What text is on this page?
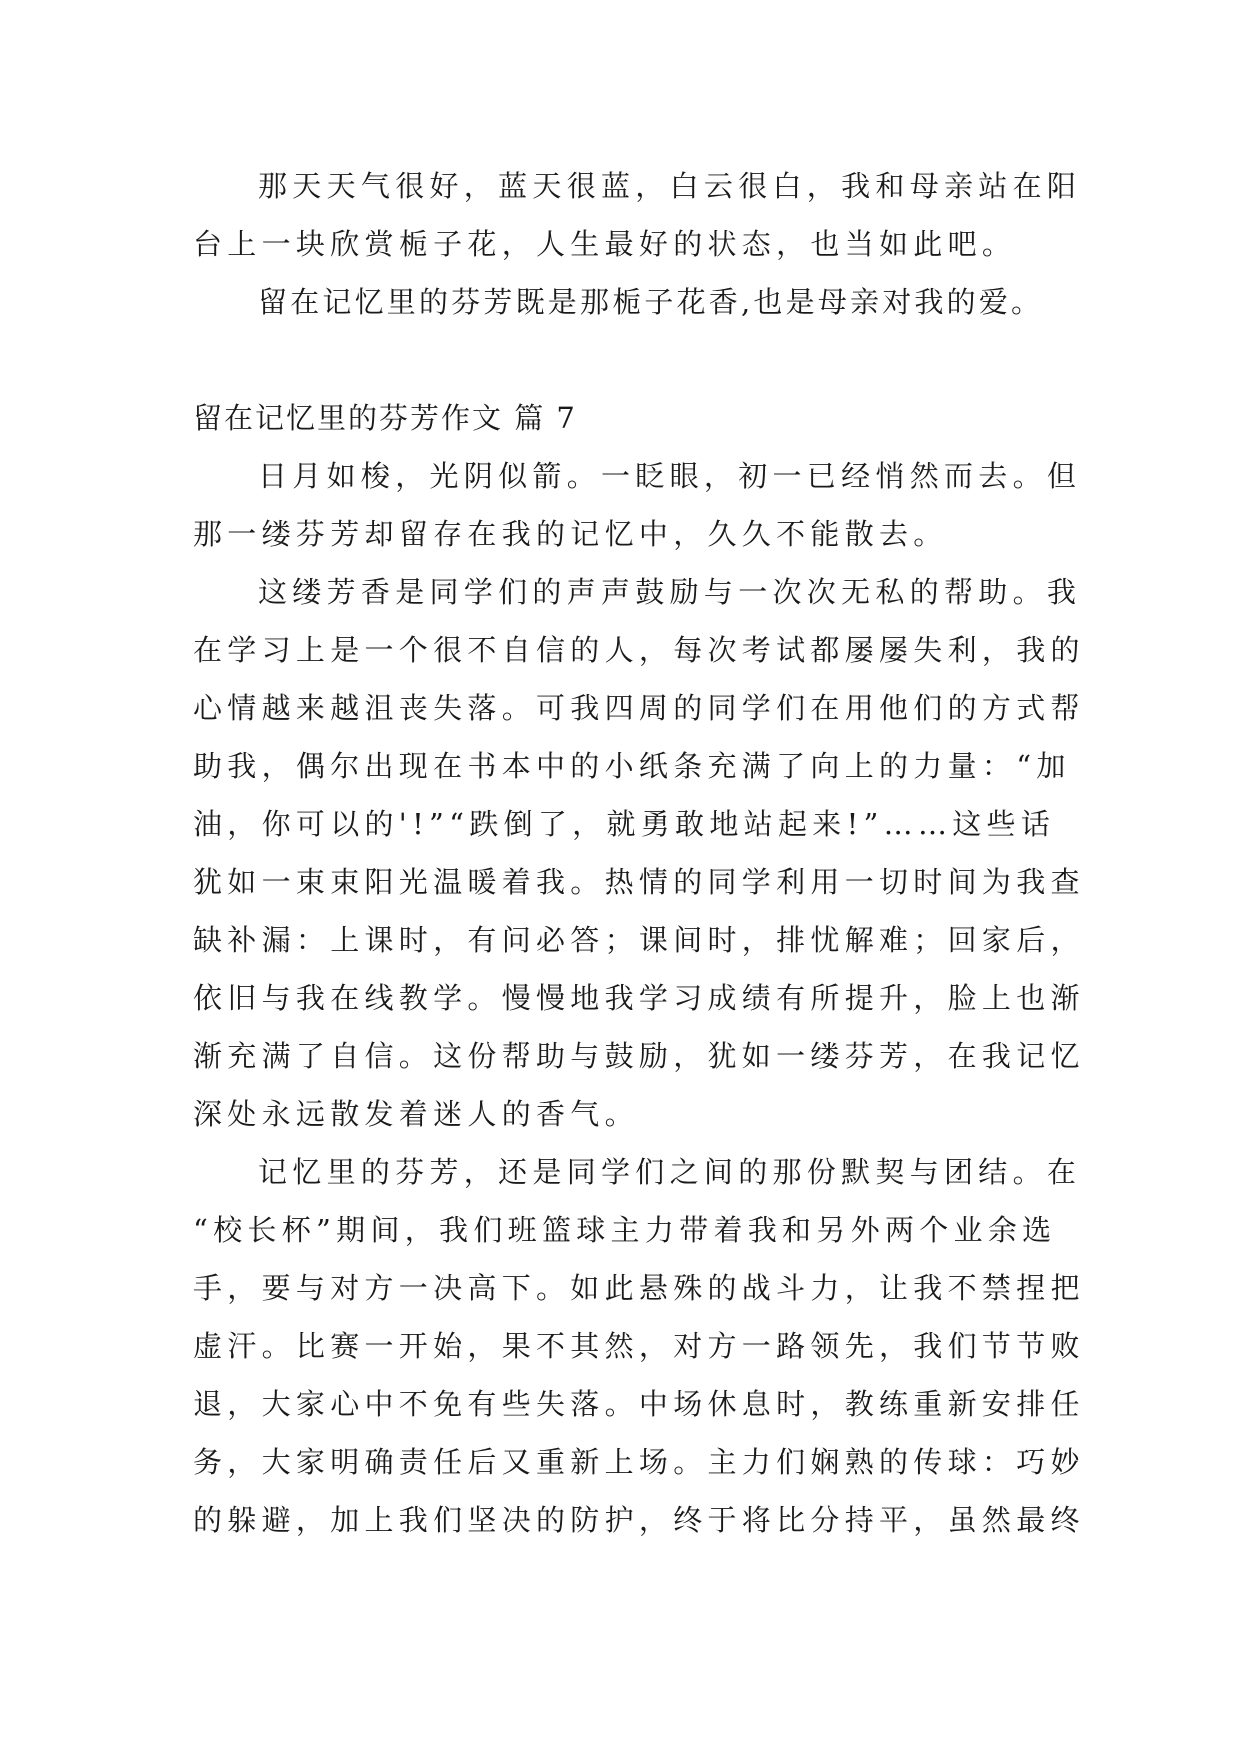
那天天气很好，蓝天很蓝，白云很白，我和母亲站在阳
台上一块欣赏栀子花，人生最好的状态，也当如此吧。
留在记忆里的芬芳既是那栀子花香,也是母亲对我的爱。
留在记忆里的芬芳作文 篇 7
日月如梭，光阴似箭。一眨眼，初一已经悄然而去。但
那一缕芬芳却留存在我的记忆中，久久不能散去。
这缕芳香是同学们的声声鼓励与一次次无私的帮助。我
在学习上是一个很不自信的人，每次考试都屡屡失利，我的
心情越来越沮丧失落。可我四周的同学们在用他们的方式帮
助我，偶尔出现在书本中的小纸条充满了向上的力量：“加
油，你可以的'!”“跌倒了，就勇敢地站起来!”……这些话
犹如一束束阳光温暖着我。热情的同学利用一切时间为我查
缺补漏：上课时，有问必答；课间时，排忧解难；回家后，
依旧与我在线教学。慢慢地我学习成绩有所提升，脸上也渐
渐充满了自信。这份帮助与鼓励，犹如一缕芬芳，在我记忆
深处永远散发着迷人的香气。
记忆里的芬芳，还是同学们之间的那份默契与团结。在
“校长杯”期间，我们班篮球主力带着我和另外两个业余选
手，要与对方一决高下。如此悬殊的战斗力，让我不禁捏把
虚汗。比赛一开始，果不其然，对方一路领先，我们节节败
退，大家心中不免有些失落。中场休息时，教练重新安排任
务，大家明确责任后又重新上场。主力们娴熟的传球：巧妙
的躲避，加上我们坚决的防护，终于将比分持平，虽然最终
